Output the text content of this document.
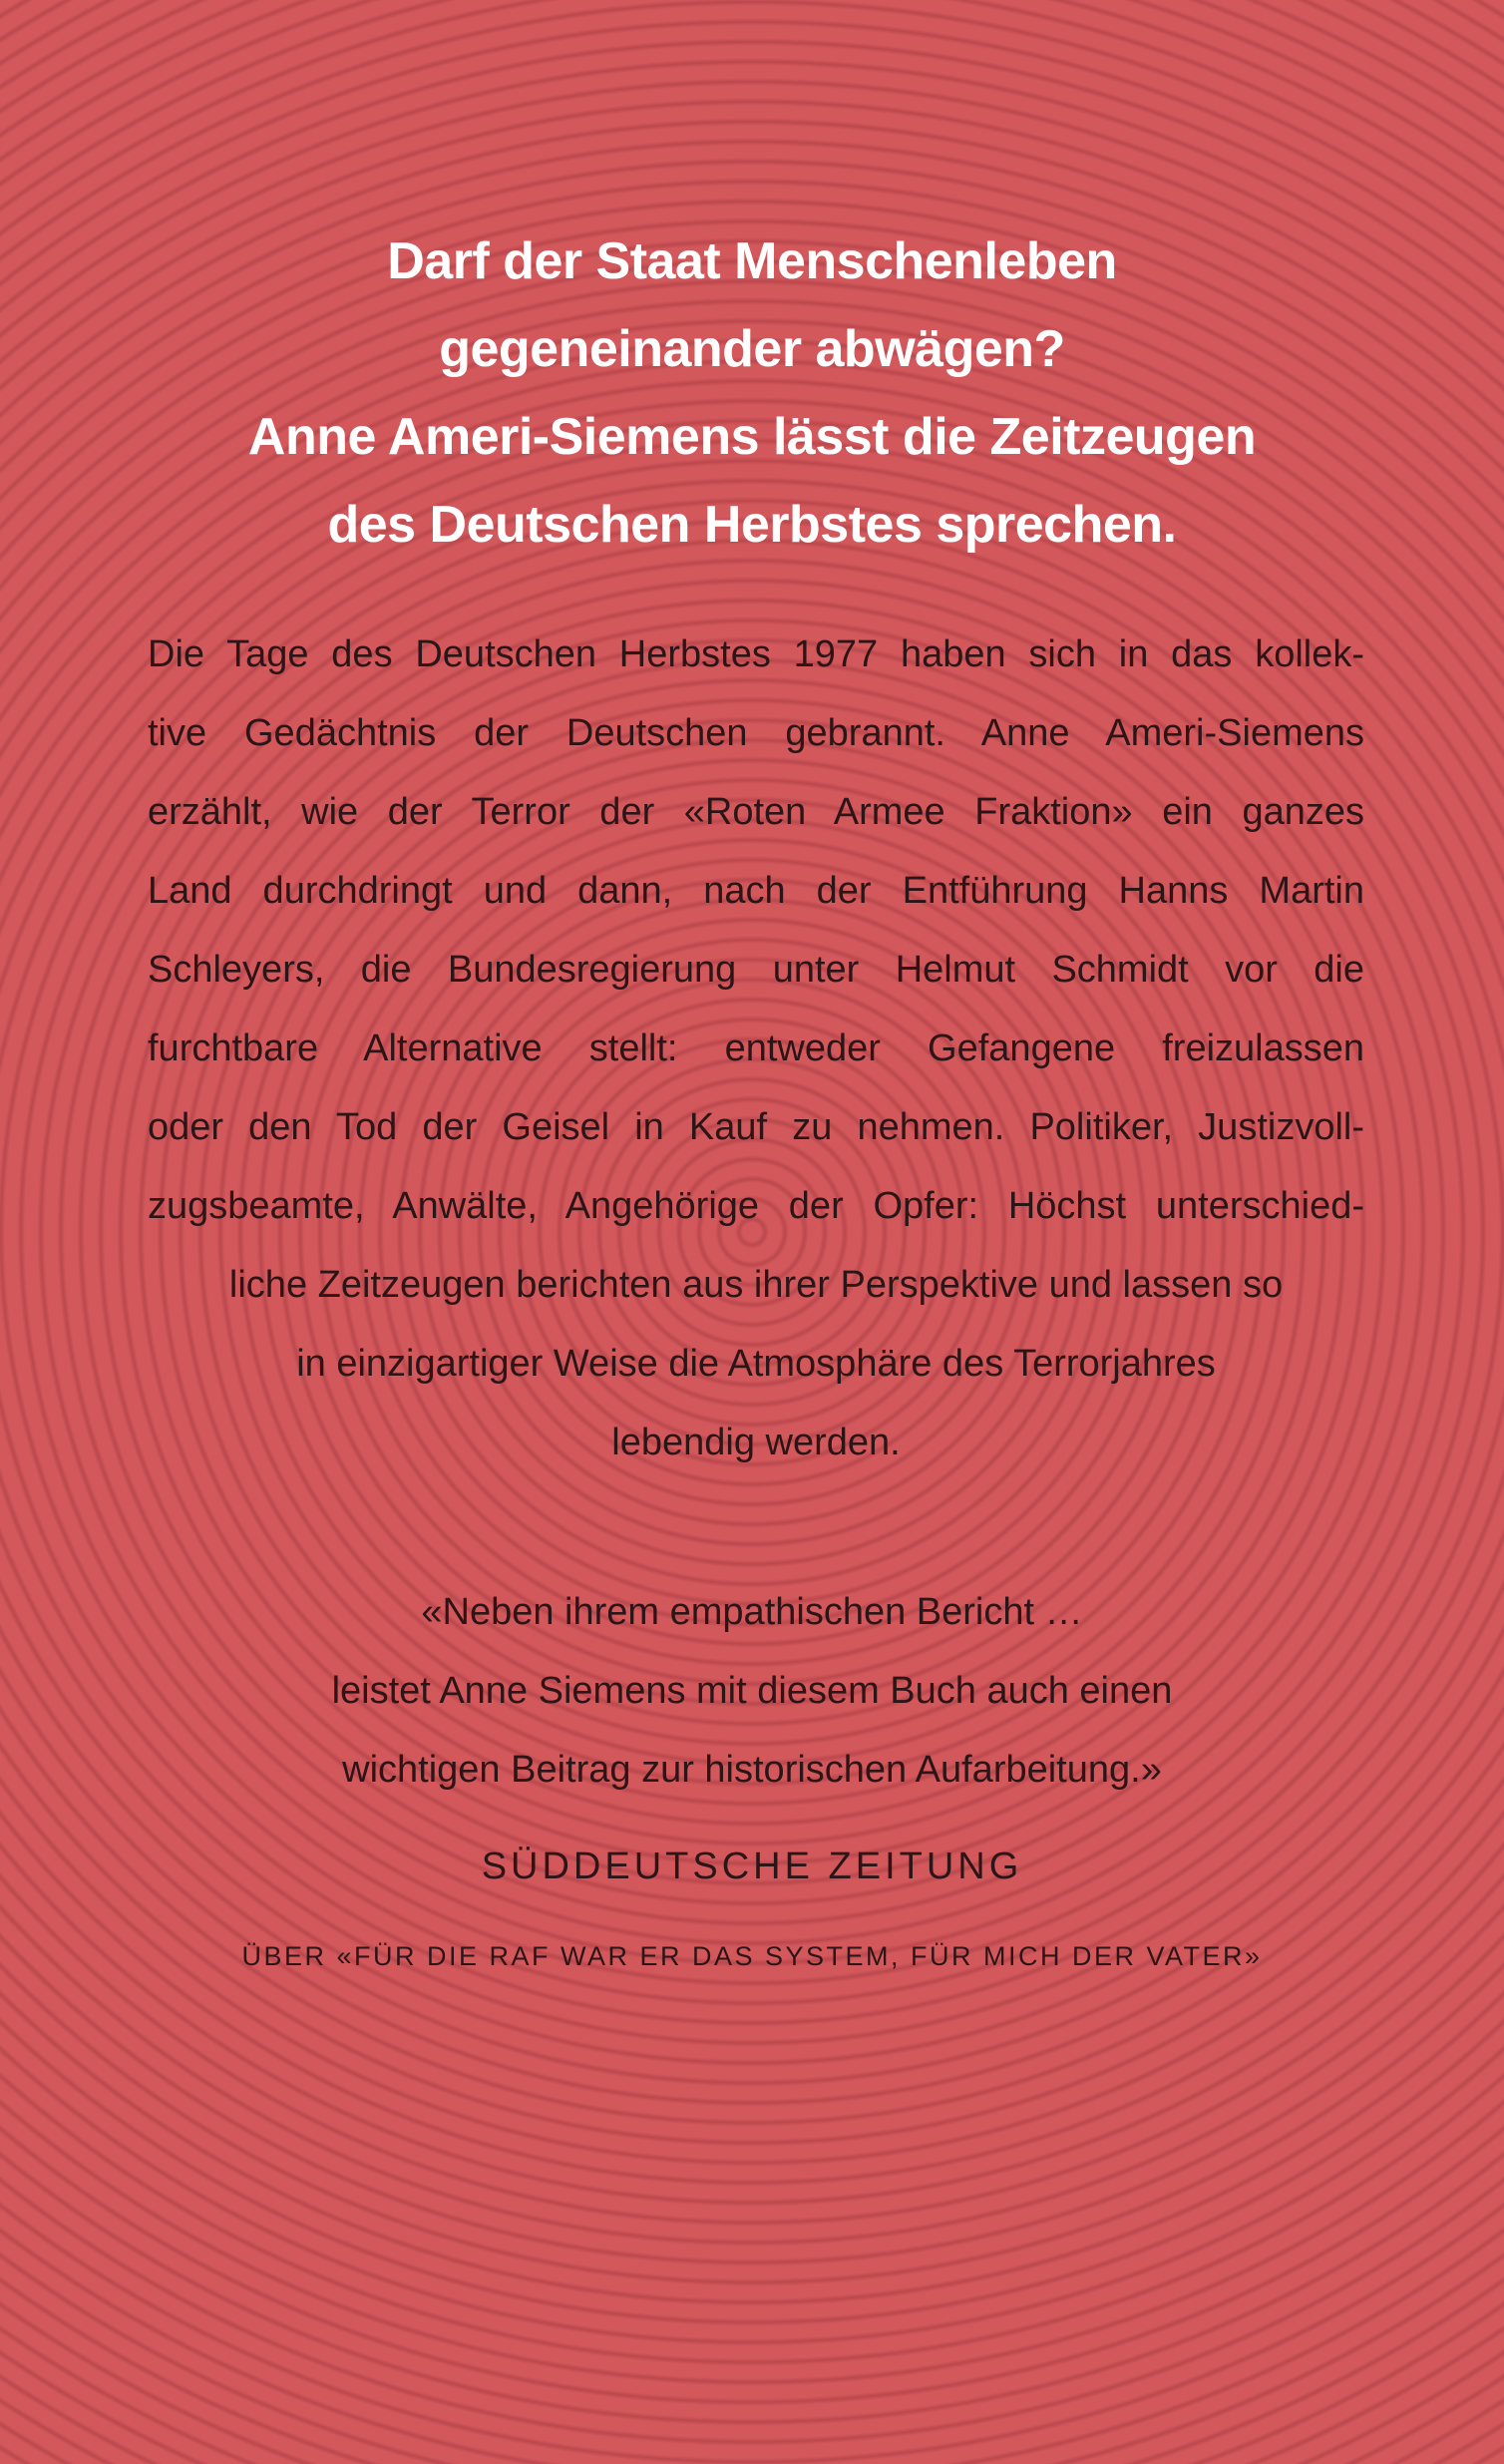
Darf der Staat Menschenleben
gegeneinander abwägen?
Anne Ameri-Siemens lässt die Zeitzeugen
des Deutschen Herbstes sprechen.
Die Tage des Deutschen Herbstes 1977 haben sich in das kollek-
tive Gedächtnis der Deutschen gebrannt. Anne Ameri-Siemens
erzählt, wie der Terror der «Roten Armee Fraktion» ein ganzes
Land durchdringt und dann, nach der Entführung Hanns Martin
Schleyers, die Bundesregierung unter Helmut Schmidt vor die
furchtbare Alternative stellt: entweder Gefangene freizulassen
oder den Tod der Geisel in Kauf zu nehmen. Politiker, Justizvoll-
zugsbeamte, Anwälte, Angehörige der Opfer: Höchst unterschied-
liche Zeitzeugen berichten aus ihrer Perspektive und lassen so
in einzigartiger Weise die Atmosphäre des Terrorjahres
lebendig werden.
«Neben ihrem empathischen Bericht …
leistet Anne Siemens mit diesem Buch auch einen
wichtigen Beitrag zur historischen Aufarbeitung.»
SÜDDEUTSCHE ZEITUNG
ÜBER «FÜR DIE RAF WAR ER DAS SYSTEM, FÜR MICH DER VATER»
